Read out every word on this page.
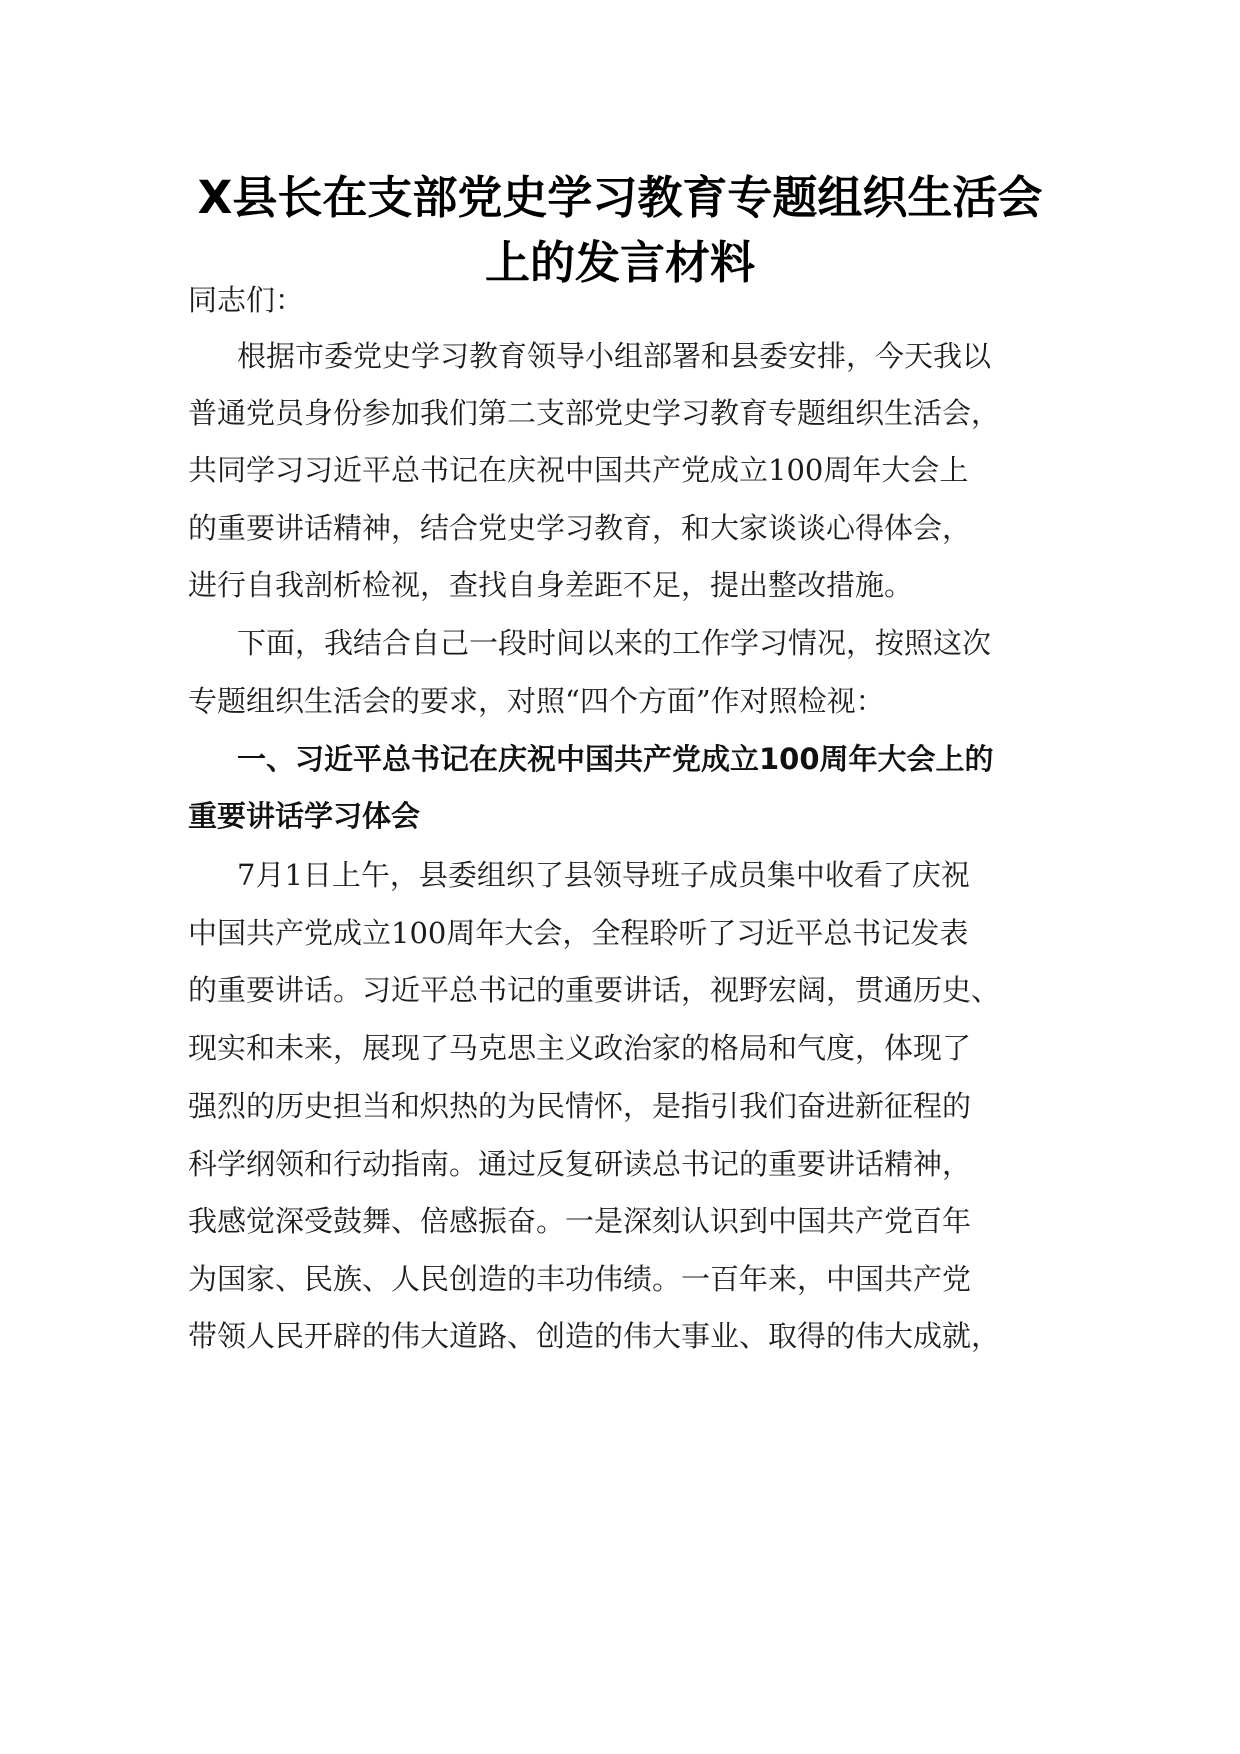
X县长在支部党史学习教育专题组织生活会
上的发言材料
同志们：
根据市委党史学习教育领导小组部署和县委安排，今天我以
普通党员身份参加我们第二支部党史学习教育专题组织生活会，
共同学习习近平总书记在庆祝中国共产党成立100周年大会上
的重要讲话精神，结合党史学习教育，和大家谈谈心得体会，
进行自我剖析检视，查找自身差距不足，提出整改措施。
下面，我结合自己一段时间以来的工作学习情况，按照这次
专题组织生活会的要求，对照“四个方面”作对照检视：
一、习近平总书记在庆祝中国共产党成立100周年大会上的
重要讲话学习体会
7月1日上午，县委组织了县领导班子成员集中收看了庆祝
中国共产党成立100周年大会，全程聆听了习近平总书记发表
的重要讲话。习近平总书记的重要讲话，视野宏阔，贯通历史、
现实和未来，展现了马克思主义政治家的格局和气度，体现了
强烈的历史担当和炽热的为民情怀，是指引我们奋进新征程的
科学纲领和行动指南。通过反复研读总书记的重要讲话精神，
我感觉深受鼓舞、倍感振奋。一是深刻认识到中国共产党百年
为国家、民族、人民创造的丰功伟绩。一百年来，中国共产党
带领人民开辟的伟大道路、创造的伟大事业、取得的伟大成就，
